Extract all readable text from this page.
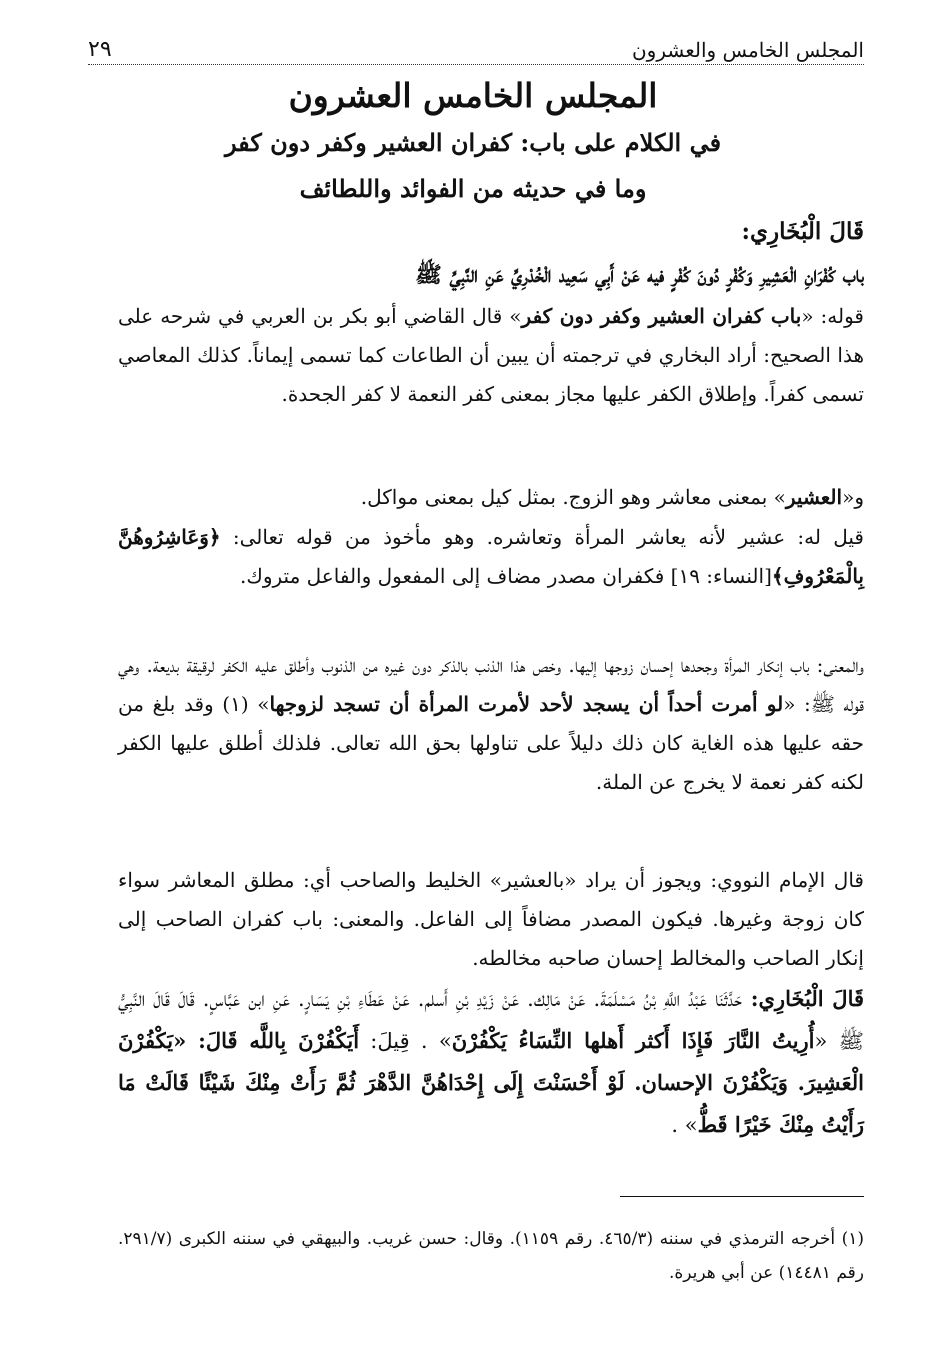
المجلس الخامس والعشرون
٢٩
المجلس الخامس العشرون
في الكلام على باب: كفران العشير وكفر دون كفر
وما في حديثه من الفوائد واللطائف
قَالَ الْبُخَارِي:
باب كُفْرَانِ الْعَشِيرِ وَكُفْرٍ دُونَ كُفْرٍ فيه عَنْ أَبِي سَعِيد الْخُدْرِيِّ عَنِ النَّبِيِّ ﷺ
قوله: «باب كفران العشير وكفر دون كفر» قال القاضي أبو بكر بن العربي في شرحه على هذا الصحيح: أراد البخاري في ترجمته أن يبين أن الطاعات كما تسمى إيماناً. كذلك المعاصي تسمى كفراً. وإطلاق الكفر عليها مجاز بمعنى كفر النعمة لا كفر الجحدة.
و«العشير» بمعنى معاشر وهو الزوج. بمثل كيل بمعنى مواكل.
قيل له: عشير لأنه يعاشر المرأة وتعاشره. وهو مأخوذ من قوله تعالى: ﴿وَعَاشِرُوهُنَّ بِالْمَعْرُوفِ﴾[النساء: ١٩] فكفران مصدر مضاف إلى المفعول والفاعل متروك.
والمعنى: باب إنكار المرأة وجحدها إحسان زوجها إليها. وخص هذا الذنب بالذكر دون غيره من الذنوب وأطلق عليه الكفر لرقيقة بديعة. وهي قوله ﷺ: «لو أمرت أحداً أن يسجد لأحد لأمرت المرأة أن تسجد لزوجها» (١) وقد بلغ من حقه عليها هذه الغاية كان ذلك دليلاً على تناولها بحق الله تعالى. فلذلك أطلق عليها الكفر لكنه كفر نعمة لا يخرج عن الملة.
قال الإمام النووي: ويجوز أن يراد «بالعشير» الخليط والصاحب أي: مطلق المعاشر سواء كان زوجة وغيرها. فيكون المصدر مضافاً إلى الفاعل. والمعنى: باب كفران الصاحب إلى إنكار الصاحب والمخالط إحسان صاحبه مخالطه.
قَالَ الْبُخَارِي: حَدَّثَنَا عَبْدُ اللَّهِ بْنُ مَسْلَمَةَ. عَنْ مَالِك. عَنْ زَيْدِ بْنِ أَسلم. عَنْ عَطَاءِ بْنِ يَسَارٍ. عَنِ ابن عَبَّاسٍ. قَالَ قَالَ النَّبِيُّ ﷺ «أُرِيتُ النَّارَ فَإِذَا أَكثر أَهلها النِّسَاءُ يَكْفُرْنَ» . قِيلَ: أَيَكْفُرْنَ بِاللَّه قَالَ: «يَكْفُرْنَ الْعَشِيرَ. وَيَكْفُرْنَ الإحسان. لَوْ أَحْسَنْتَ إِلَى إِحْدَاهُنَّ الدَّهْرَ ثُمَّ رَأَتْ مِنْكَ شَيْئًا قَالَتْ مَا رَأَيْتُ مِنْكَ خَيْرًا قَطُّ» .
(١) أخرجه الترمذي في سننه (٤٦٥/٣. رقم ١١٥٩). وقال: حسن غريب. والبيهقي في سننه الكبرى (٢٩١/٧. رقم ١٤٤٨١) عن أبي هريرة.
